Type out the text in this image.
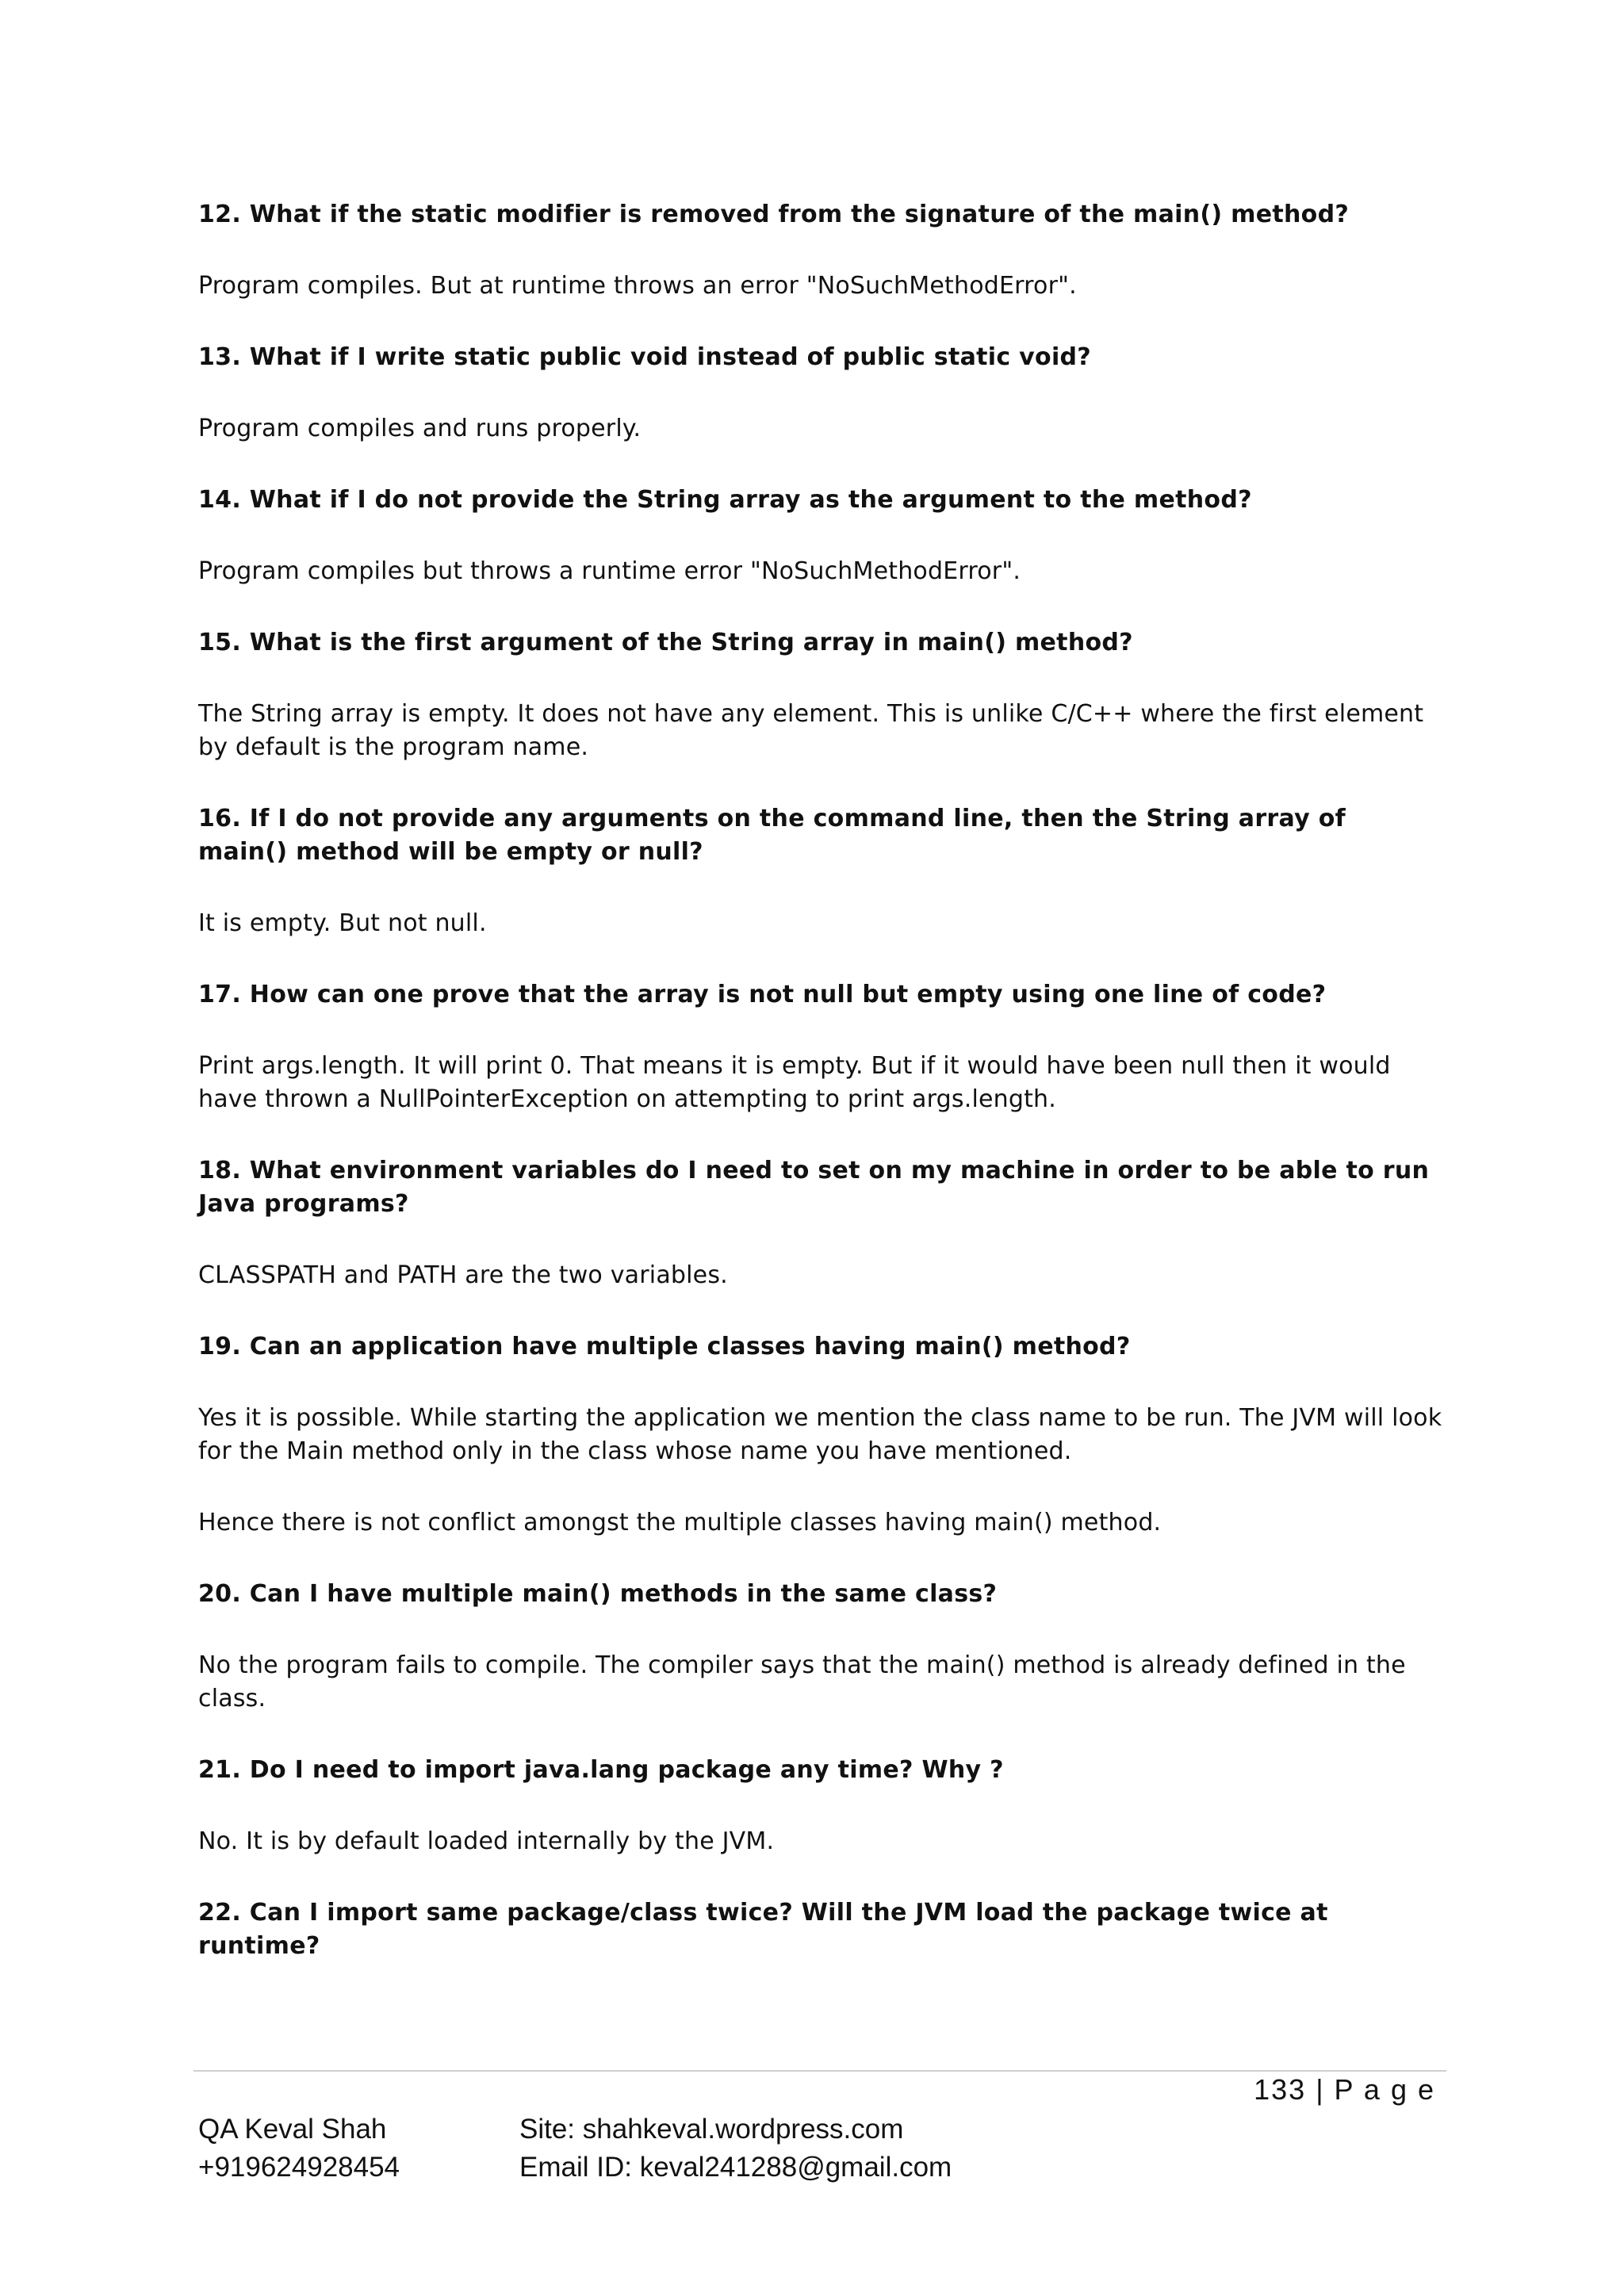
12. What if the static modifier is removed from the signature of the main() method?

Program compiles. But at runtime throws an error "NoSuchMethodError".

13. What if I write static public void instead of public static void?

Program compiles and runs properly.

14. What if I do not provide the String array as the argument to the method?

Program compiles but throws a runtime error "NoSuchMethodError".

15. What is the first argument of the String array in main() method?

The String array is empty. It does not have any element. This is unlike C/C++ where the first element by default is the program name.

16. If I do not provide any arguments on the command line, then the String array of main() method will be empty or null?

It is empty. But not null.

17. How can one prove that the array is not null but empty using one line of code?

Print args.length. It will print 0. That means it is empty. But if it would have been null then it would have thrown a NullPointerException on attempting to print args.length.

18. What environment variables do I need to set on my machine in order to be able to run Java programs?

CLASSPATH and PATH are the two variables.

19. Can an application have multiple classes having main() method?

Yes it is possible. While starting the application we mention the class name to be run. The JVM will look for the Main method only in the class whose name you have mentioned.

Hence there is not conflict amongst the multiple classes having main() method.

20. Can I have multiple main() methods in the same class?

No the program fails to compile. The compiler says that the main() method is already defined in the class.

21. Do I need to import java.lang package any time? Why ?

No. It is by default loaded internally by the JVM.

22. Can I import same package/class twice? Will the JVM load the package twice at runtime?

133 | P a g e
QA Keval Shah
+919624928454
Site: shahkeval.wordpress.com
Email ID: keval241288@gmail.com
